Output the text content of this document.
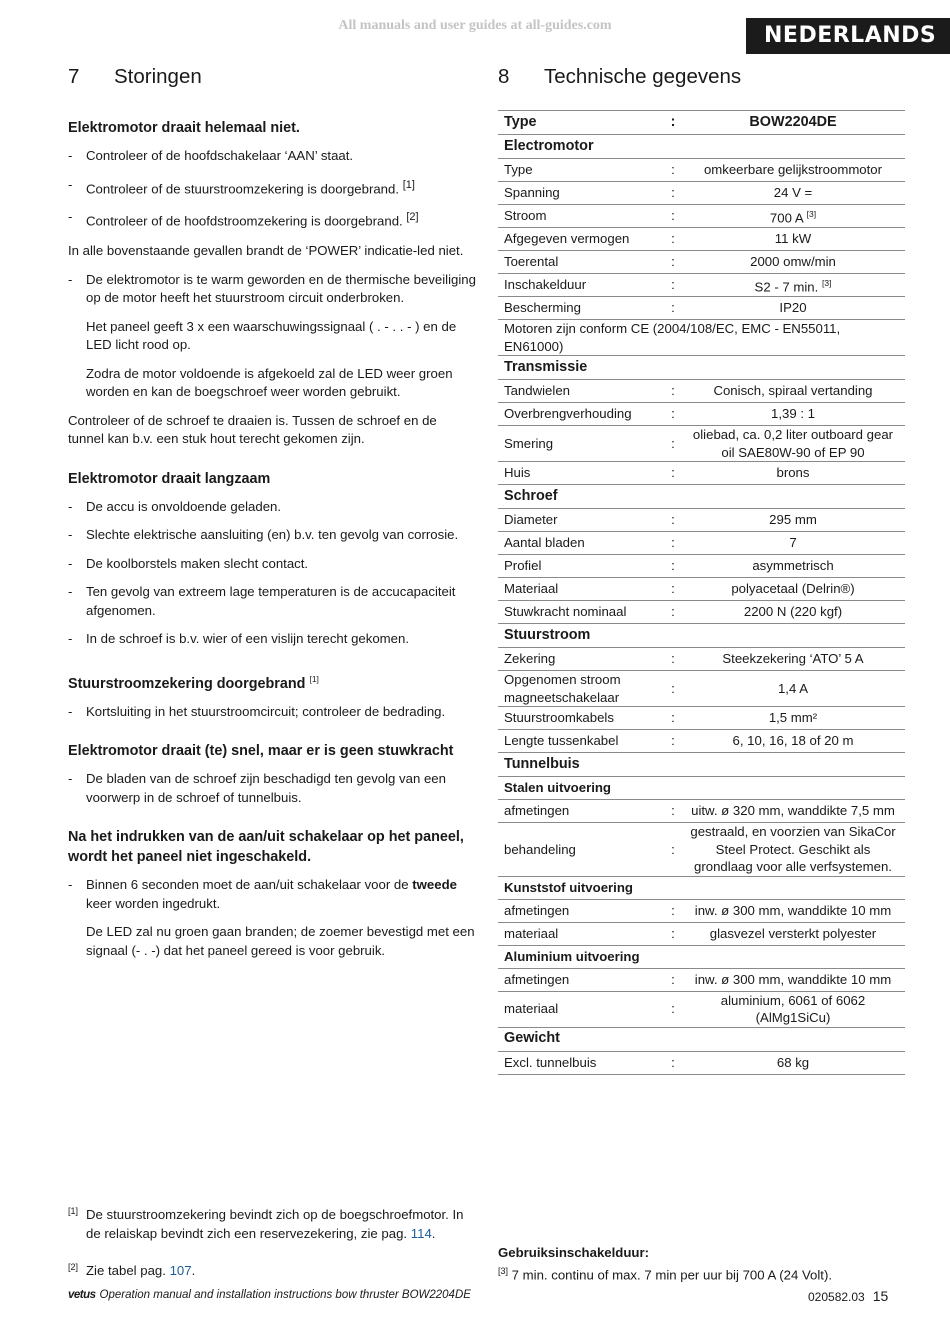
All manuals and user guides at all-guides.com	NEDERLANDS
7 Storingen
Elektromotor draait helemaal niet.
- Controleer of de hoofdschakelaar ‘AAN’ staat.
- Controleer of de stuurstroomzekering is doorgebrand. [1]
- Controleer of de hoofdstroomzekering is doorgebrand. [2]

In alle bovenstaande gevallen brandt de ‘POWER’ indicatie-led niet.

- De elektromotor is te warm geworden en de thermische beveiliging op de motor heeft het stuurstroom circuit onderbroken.

Het paneel geeft 3 x een waarschuwingssignaal ( . - . . - ) en de LED licht rood op.

Zodra de motor voldoende is afgekoeld zal de LED weer groen worden en kan de boegschroef weer worden gebruikt.

Controleer of de schroef te draaien is. Tussen de schroef en de tunnel kan b.v. een stuk hout terecht gekomen zijn.

Elektromotor draait langzaam
- De accu is onvoldoende geladen.
- Slechte elektrische aansluiting (en) b.v. ten gevolg van corrosie.
- De koolborstels maken slecht contact.
- Ten gevolg van extreem lage temperaturen is de accucapaciteit afgenomen.
- In de schroef is b.v. wier of een vislijn terecht gekomen.
Stuurstroomzekering doorgebrand [1]
- Kortsluiting in het stuurstroomcircuit; controleer de bedrading.
Elektromotor draait (te) snel, maar er is geen stuwkracht
- De bladen van de schroef zijn beschadigd ten gevolg van een voorwerp in de schroef of tunnelbuis.
Na het indrukken van de aan/uit schakelaar op het paneel, wordt het paneel niet ingeschakeld.
- Binnen 6 seconden moet de aan/uit schakelaar voor de tweede keer worden ingedrukt.

De LED zal nu groen gaan branden; de zoemer bevestigd met een signaal (- . -) dat het paneel gereed is voor gebruik.

8 Technische gegevens
Type	:	BOW2204DE
Electromotor		
Type	:	omkeerbare gelijkstroommotor
Spanning	:	24 V =
Stroom	:	700 A [3]
Afgegeven vermogen	:	11 kW
Toerental	:	2000 omw/min
Inschakelduur	:	S2 - 7 min. [3]
Bescherming	:	IP20
Motoren zijn conform CE (2004/108/EC, EMC - EN55011, EN61000)		
Transmissie		
Tandwielen	:	Conisch, spiraal vertanding
Overbrengverhouding	:	1,39 : 1
Smering	:	oliebad, ca. 0,2 liter outboard gear oil SAE80W-90 of EP 90
Huis	:	brons
Schroef		
Diameter	:	295 mm
Aantal bladen	:	7
Profiel	:	asymmetrisch
Materiaal	:	polyacetaal (Delrin®)
Stuwkracht nominaal	:	2200 N (220 kgf)
Stuurstroom		
Zekering	:	Steekzekering ‘ATO’ 5 A
Opgenomen stroom magneetschakelaar	:	1,4 A
Stuurstroomkabels	:	1,5 mm²
Lengte tussenkabel	:	6, 10, 16, 18 of 20 m
Tunnelbuis		
Stalen uitvoering		
afmetingen	:	uitw. ø 320 mm, wanddikte 7,5 mm
behandeling	:	gestraald, en voorzien van SikaCor Steel Protect. Geschikt als grondlaag voor alle verfsystemen.
Kunststof uitvoering		
afmetingen	:	inw. ø 300 mm, wanddikte 10 mm
materiaal	:	glasvezel versterkt polyester
Aluminium uitvoering		
afmetingen	:	inw. ø 300 mm, wanddikte 10 mm
materiaal	:	aluminium, 6061 of 6062 (AlMg1SiCu)
Gewicht		
Excl. tunnelbuis	:	68 kg
[1] De stuurstroomzekering bevindt zich op de boegschroefmotor. In de relaiskap bevindt zich een reservezekering, zie pag. 114.
[2] Zie tabel pag. 107.
Gebruiksinschakelduur:
[3] 7 min. continu of max. 7 min per uur bij 700 A (24 Volt).
vetus Operation manual and installation instructions bow thruster BOW2204DE	020582.03 15
